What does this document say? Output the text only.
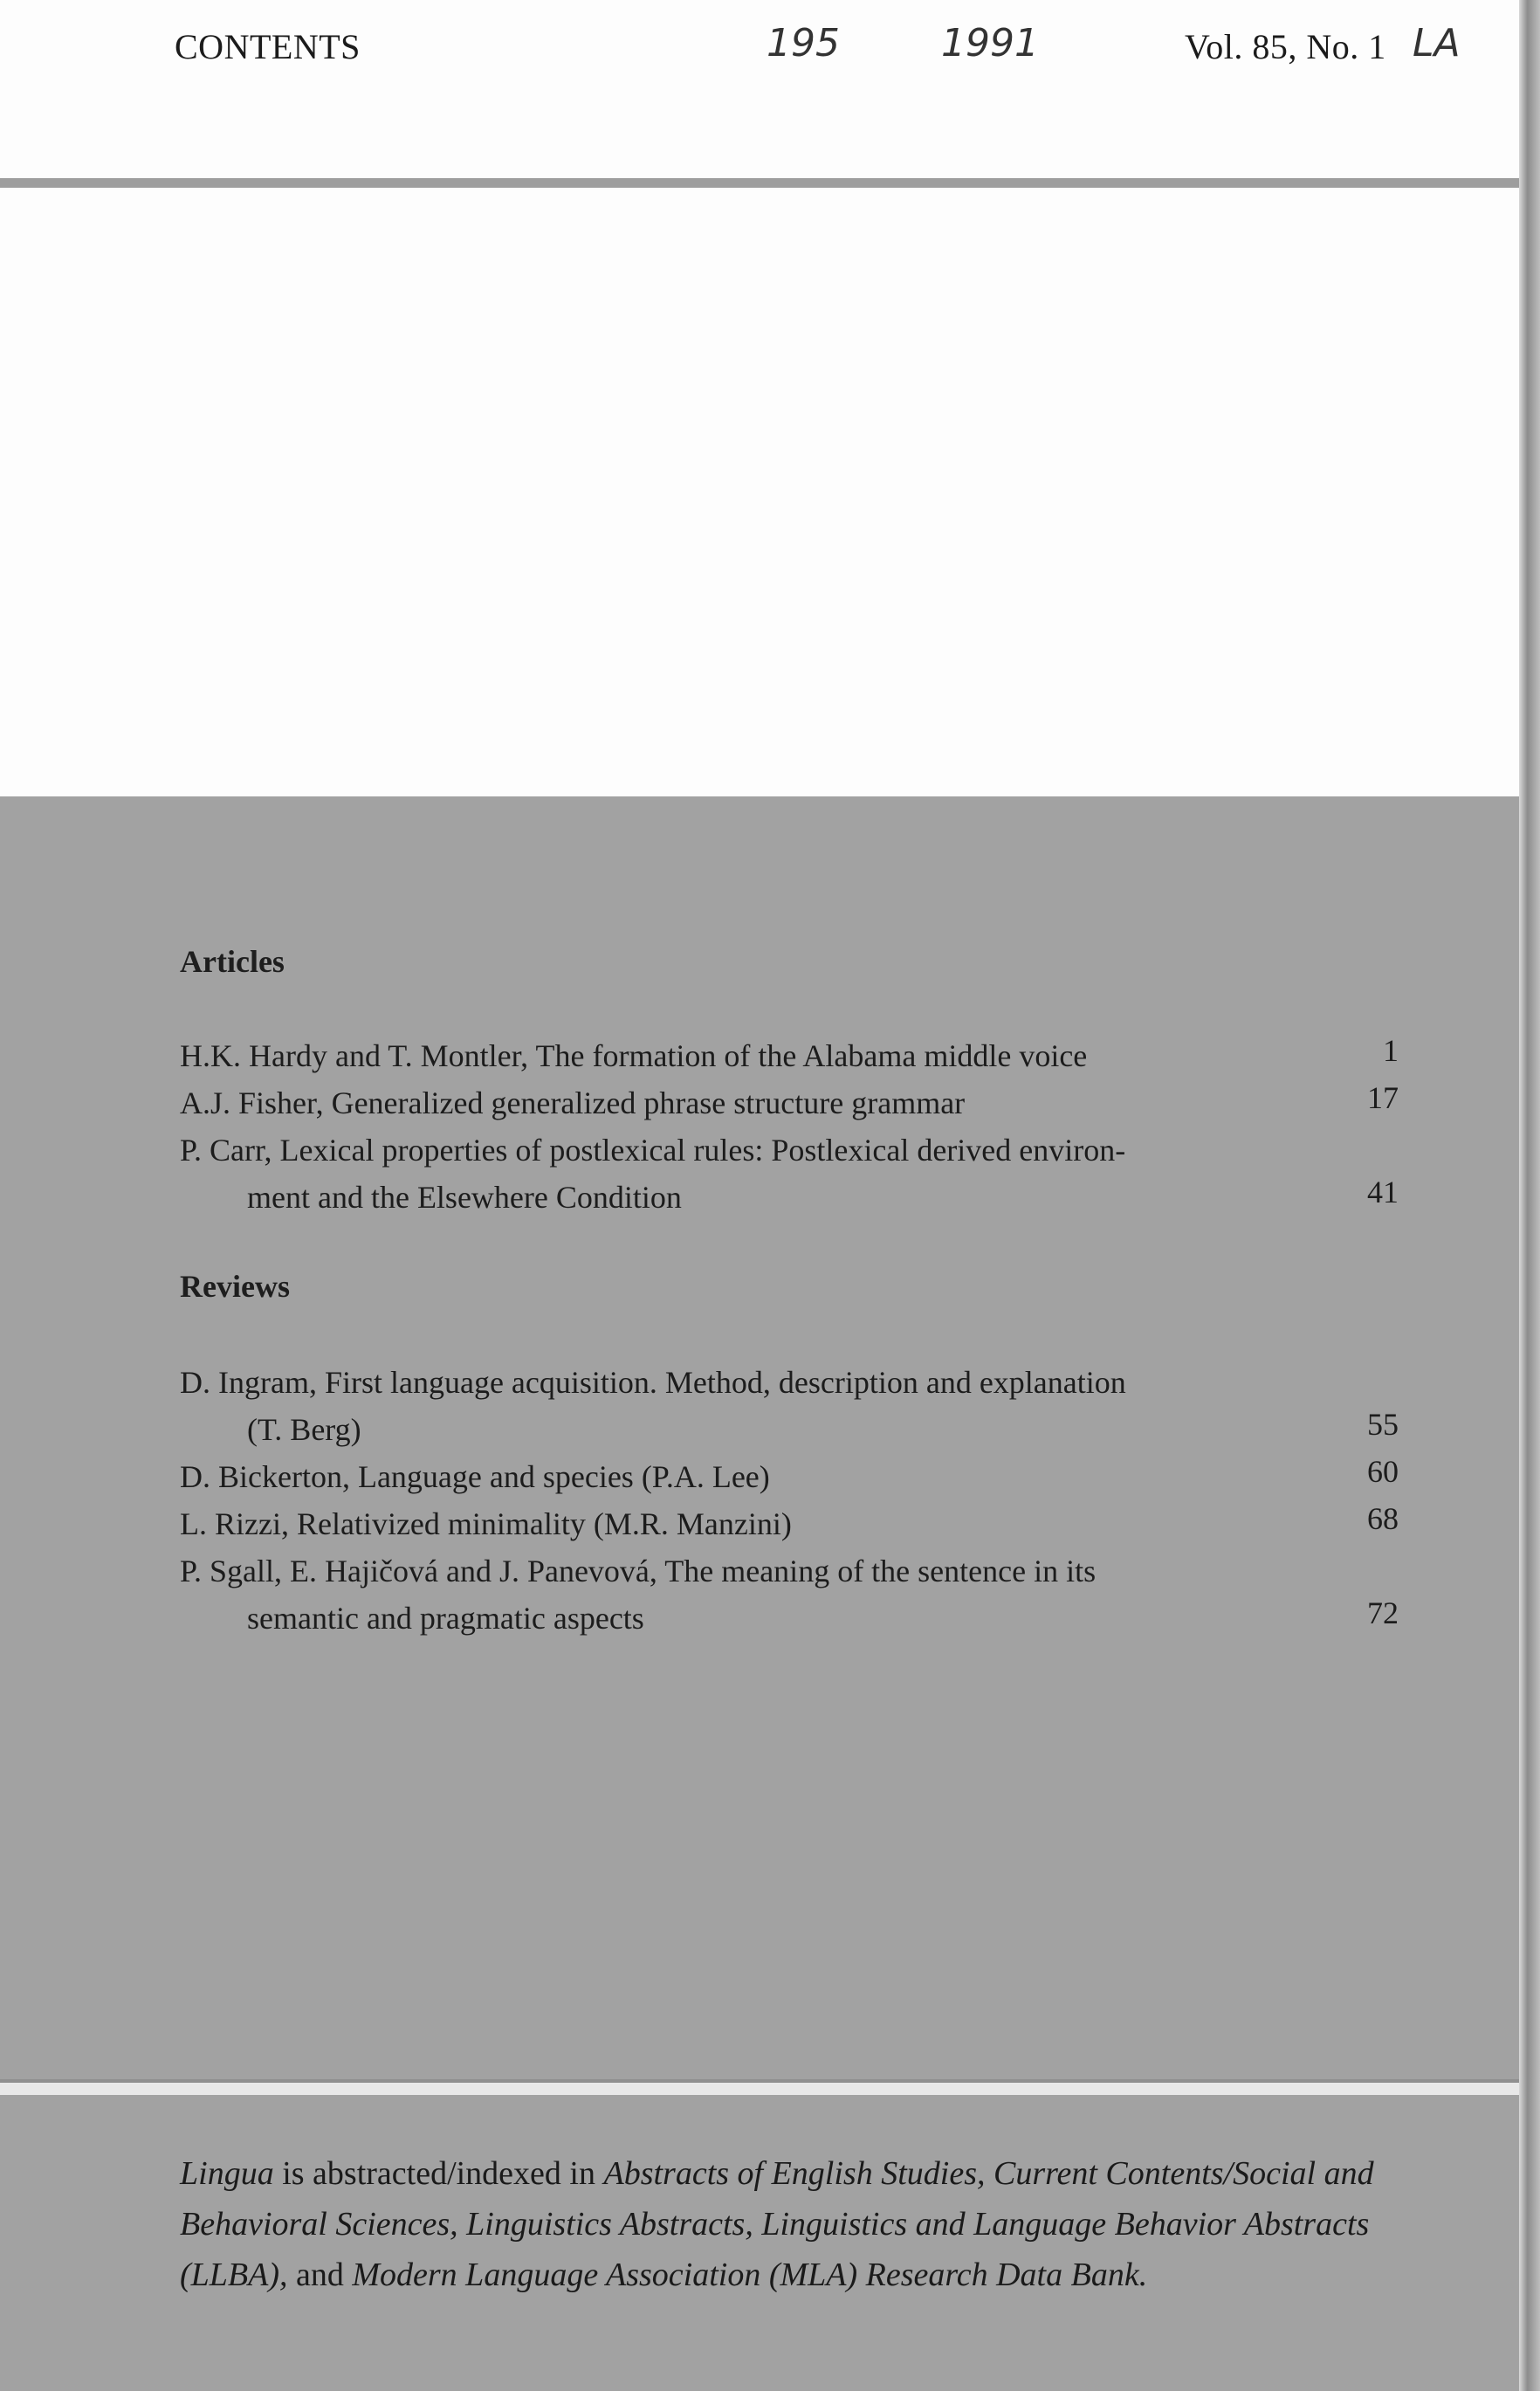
CONTENTS	195	1991	Vol. 85, No. 1 LA
Articles
H.K. Hardy and T. Montler, The formation of the Alabama middle voice	1
A.J. Fisher, Generalized generalized phrase structure grammar	17
P. Carr, Lexical properties of postlexical rules: Postlexical derived environ-
ment and the Elsewhere Condition	41
Reviews
D. Ingram, First language acquisition. Method, description and explanation
(T. Berg)	55
D. Bickerton, Language and species (P.A. Lee)	60
L. Rizzi, Relativized minimality (M.R. Manzini)	68
P. Sgall, E. Hajičová and J. Panevová, The meaning of the sentence in its
semantic and pragmatic aspects	72
Lingua is abstracted/indexed in Abstracts of English Studies, Current Contents/Social and Behavioral Sciences, Linguistics Abstracts, Linguistics and Language Behavior Abstracts (LLBA), and Modern Language Association (MLA) Research Data Bank.
